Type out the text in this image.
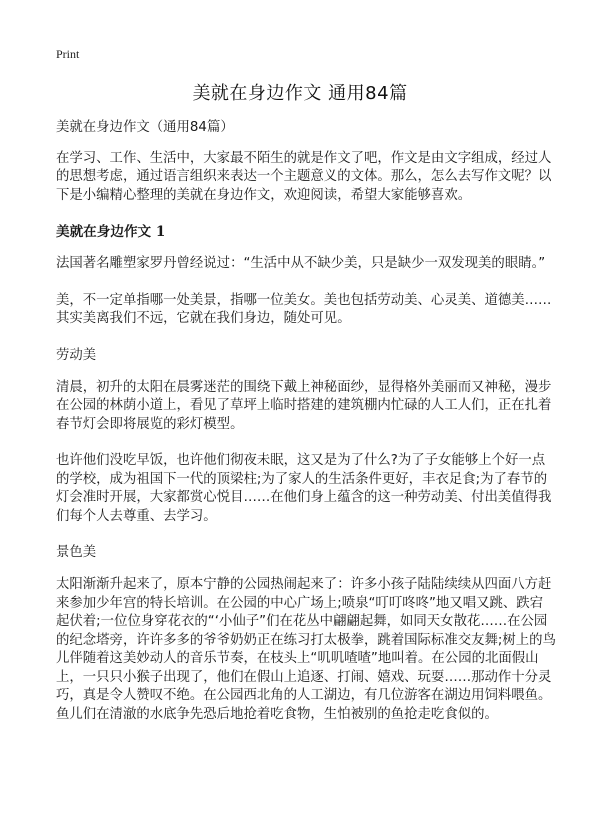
Print
美就在身边作文 通用84篇

美就在身边作文（通用84篇）

在学习、工作、生活中，大家最不陌生的就是作文了吧，作文是由文字组成，经过人的思想考虑，通过语言组织来表达一个主题意义的文体。那么，怎么去写作文呢？以下是小编精心整理的美就在身边作文，欢迎阅读，希望大家能够喜欢。

美就在身边作文 1

法国著名雕塑家罗丹曾经说过：“生活中从不缺少美，只是缺少一双发现美的眼睛。”

美，不一定单指哪一处美景，指哪一位美女。美也包括劳动美、心灵美、道德美……其实美离我们不远，它就在我们身边，随处可见。

劳动美

清晨，初升的太阳在晨雾迷茫的围绕下戴上神秘面纱，显得格外美丽而又神秘，漫步在公园的林荫小道上，看见了草坪上临时搭建的建筑棚内忙碌的人工人们，正在扎着春节灯会即将展览的彩灯模型。

也许他们没吃早饭，也许他们彻夜未眠，这又是为了什么?为了子女能够上个好一点的学校，成为祖国下一代的顶梁柱;为了家人的生活条件更好，丰衣足食;为了春节的灯会准时开展，大家都赏心悦目……在他们身上蕴含的这一种劳动美、付出美值得我们每个人去尊重、去学习。

景色美

太阳渐渐升起来了，原本宁静的公园热闹起来了：许多小孩子陆陆续续从四面八方赶来参加少年宫的特长培训。在公园的中心广场上;喷泉“叮叮咚咚”地又唱又跳、跌宕起伏着;一位位身穿花衣的“‘小仙子”们在花丛中翩翩起舞，如同天女散花……在公园的纪念塔旁，许许多多的爷爷奶奶正在练习打太极拳，跳着国际标准交友舞;树上的鸟儿伴随着这美妙动人的音乐节奏，在枝头上“叽叽喳喳”地叫着。在公园的北面假山上，一只只小猴子出现了，他们在假山上追逐、打闹、嬉戏、玩耍……那动作十分灵巧，真是令人赞叹不绝。在公园西北角的人工湖边，有几位游客在湖边用饲料喂鱼。鱼儿们在清澈的水底争先恐后地抢着吃食物，生怕被别的鱼抢走吃食似的。
